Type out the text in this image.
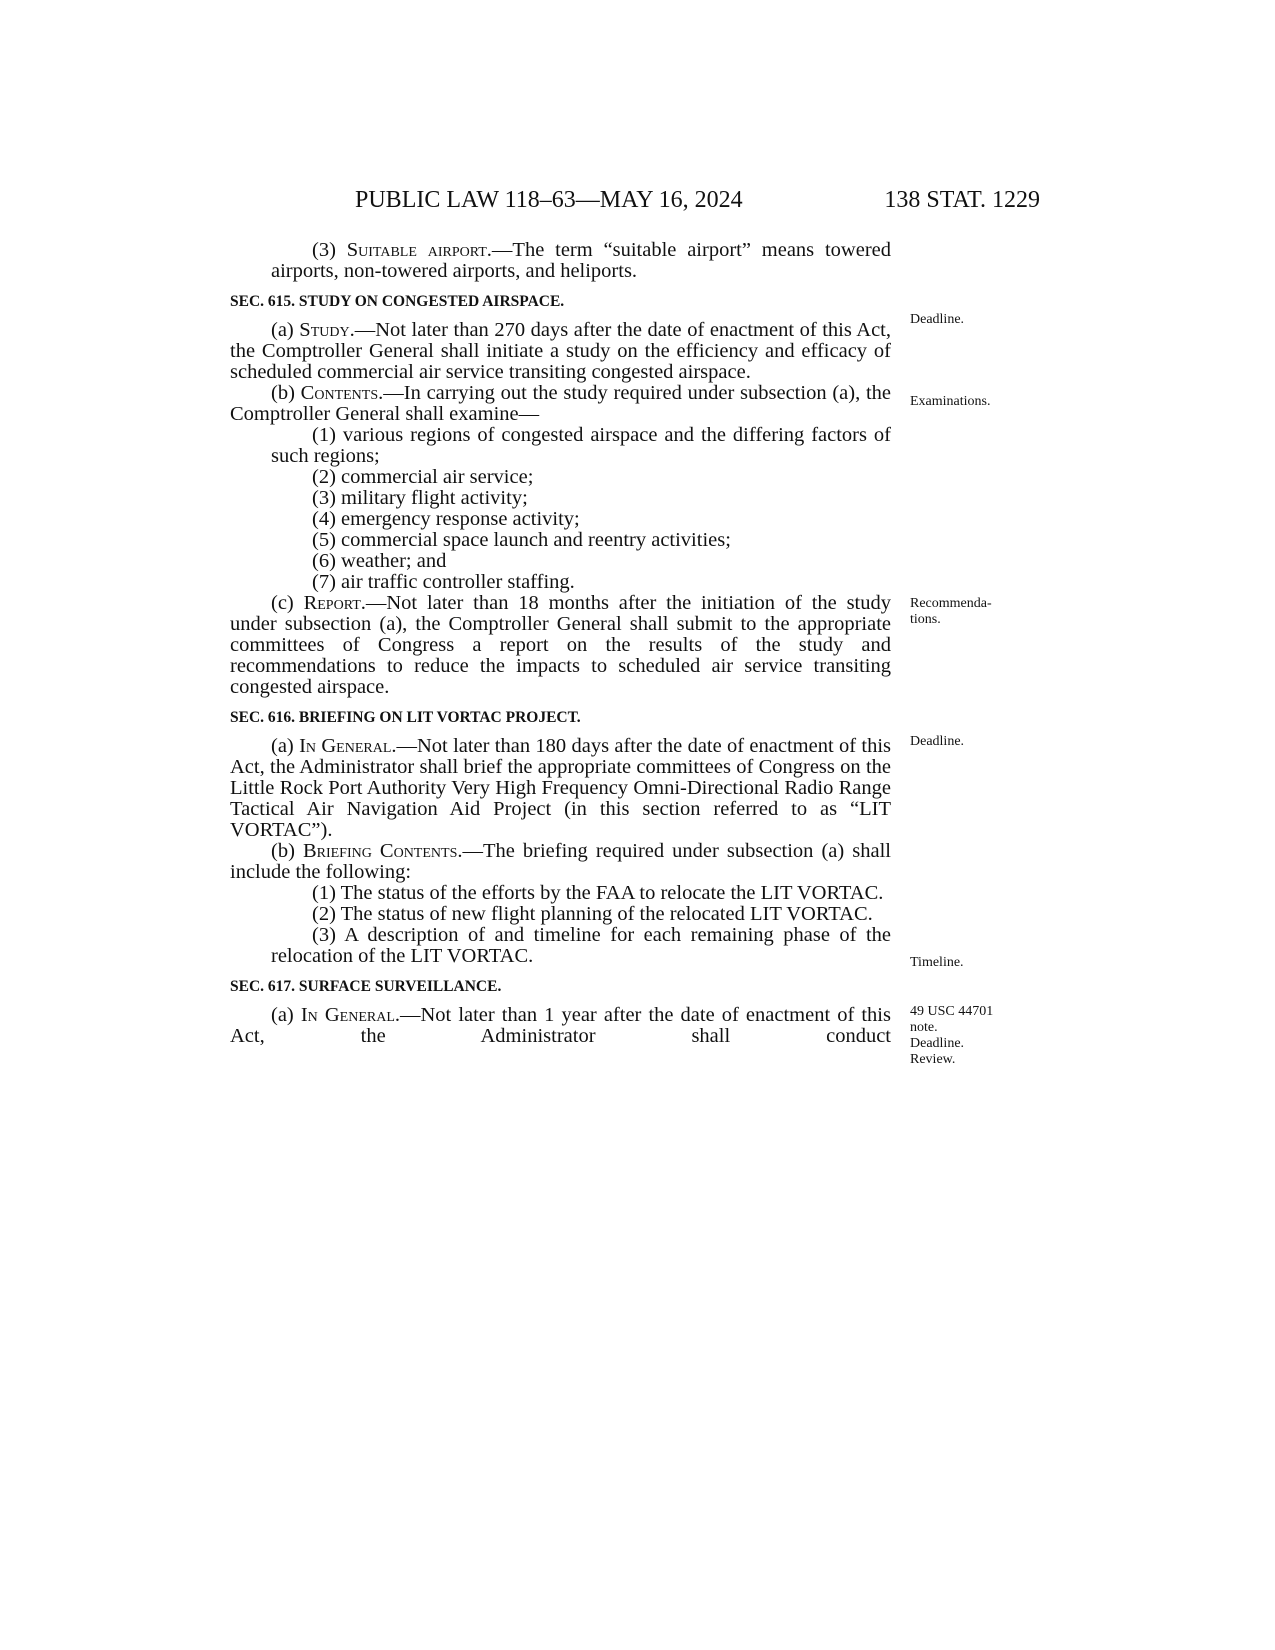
PUBLIC LAW 118–63—MAY 16, 2024	138 STAT. 1229

(3) Suitable airport.—The term “suitable airport” means towered airports, non-towered airports, and heliports.

SEC. 615. STUDY ON CONGESTED AIRSPACE.

(a) Study.—Not later than 270 days after the date of enactment of this Act, the Comptroller General shall initiate a study on the efficiency and efficacy of scheduled commercial air service transiting congested airspace.

(b) Contents.—In carrying out the study required under subsection (a), the Comptroller General shall examine—

(1) various regions of congested airspace and the differing factors of such regions;

(2) commercial air service;

(3) military flight activity;

(4) emergency response activity;

(5) commercial space launch and reentry activities;

(6) weather; and

(7) air traffic controller staffing.

(c) Report.—Not later than 18 months after the initiation of the study under subsection (a), the Comptroller General shall submit to the appropriate committees of Congress a report on the results of the study and recommendations to reduce the impacts to scheduled air service transiting congested airspace.

SEC. 616. BRIEFING ON LIT VORTAC PROJECT.

(a) In General.—Not later than 180 days after the date of enactment of this Act, the Administrator shall brief the appropriate committees of Congress on the Little Rock Port Authority Very High Frequency Omni-Directional Radio Range Tactical Air Navigation Aid Project (in this section referred to as “LIT VORTAC”).

(b) Briefing Contents.—The briefing required under subsection (a) shall include the following:

(1) The status of the efforts by the FAA to relocate the LIT VORTAC.

(2) The status of new flight planning of the relocated LIT VORTAC.

(3) A description of and timeline for each remaining phase of the relocation of the LIT VORTAC.

SEC. 617. SURFACE SURVEILLANCE.

(a) In General.—Not later than 1 year after the date of enactment of this Act, the Administrator shall conduct

Deadline.
Examinations.
Recommenda-
tions.
Deadline.
Timeline.
49 USC 44701
note.
Deadline.
Review.
